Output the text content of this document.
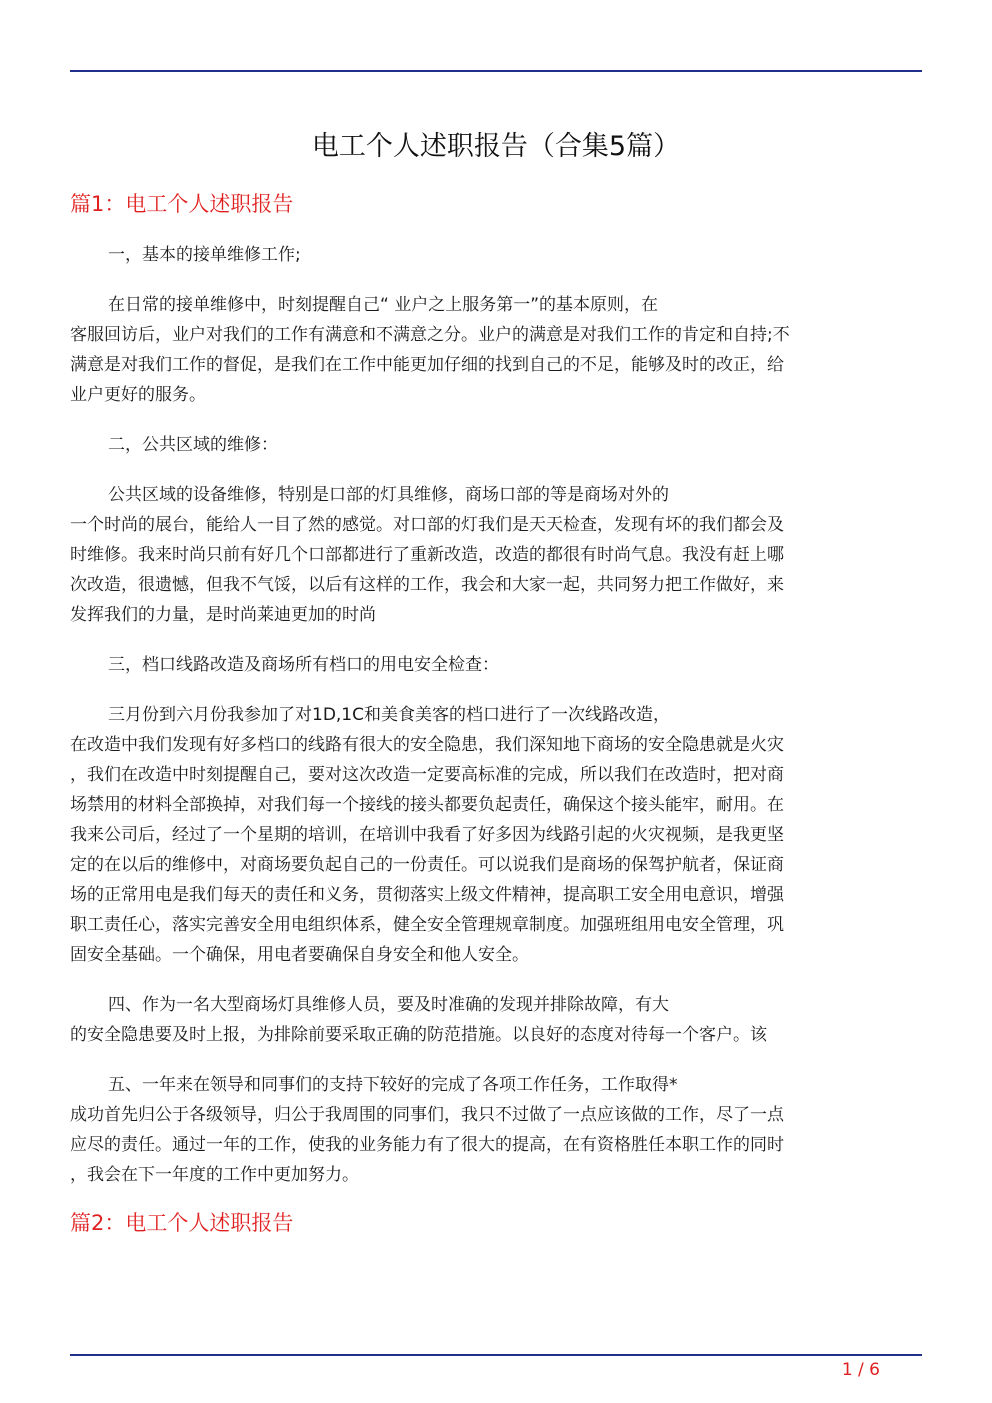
电工个人述职报告（合集5篇）
篇1：电工个人述职报告
一，基本的接单维修工作;
在日常的接单维修中，时刻提醒自己“ 业户之上服务第一”的基本原则，在
客服回访后，业户对我们的工作有满意和不满意之分。业户的满意是对我们工作的肯定和自持;不
满意是对我们工作的督促，是我们在工作中能更加仔细的找到自己的不足，能够及时的改正，给
业户更好的服务。
二，公共区域的维修：
公共区域的设备维修，特别是口部的灯具维修，商场口部的等是商场对外的
一个时尚的展台，能给人一目了然的感觉。对口部的灯我们是天天检查，发现有坏的我们都会及
时维修。我来时尚只前有好几个口部都进行了重新改造，改造的都很有时尚气息。我没有赶上哪
次改造，很遗憾，但我不气馁，以后有这样的工作，我会和大家一起，共同努力把工作做好，来
发挥我们的力量，是时尚莱迪更加的时尚
三，档口线路改造及商场所有档口的用电安全检查：
三月份到六月份我参加了对1D,1C和美食美客的档口进行了一次线路改造，
在改造中我们发现有好多档口的线路有很大的安全隐患，我们深知地下商场的安全隐患就是火灾
，我们在改造中时刻提醒自己，要对这次改造一定要高标准的完成，所以我们在改造时，把对商
场禁用的材料全部换掉，对我们每一个接线的接头都要负起责任，确保这个接头能牢，耐用。在
我来公司后，经过了一个星期的培训，在培训中我看了好多因为线路引起的火灾视频，是我更坚
定的在以后的维修中，对商场要负起自己的一份责任。可以说我们是商场的保驾护航者，保证商
场的正常用电是我们每天的责任和义务，贯彻落实上级文件精神，提高职工安全用电意识，增强
职工责任心，落实完善安全用电组织体系，健全安全管理规章制度。加强班组用电安全管理，巩
固安全基础。一个确保，用电者要确保自身安全和他人安全。
四、作为一名大型商场灯具维修人员，要及时准确的发现并排除故障，有大
的安全隐患要及时上报，为排除前要采取正确的防范措施。以良好的态度对待每一个客户。该
五、一年来在领导和同事们的支持下较好的完成了各项工作任务，工作取得*
成功首先归公于各级领导，归公于我周围的同事们，我只不过做了一点应该做的工作，尽了一点
应尽的责任。通过一年的工作，使我的业务能力有了很大的提高，在有资格胜任本职工作的同时
，我会在下一年度的工作中更加努力。
篇2：电工个人述职报告
1 / 6
